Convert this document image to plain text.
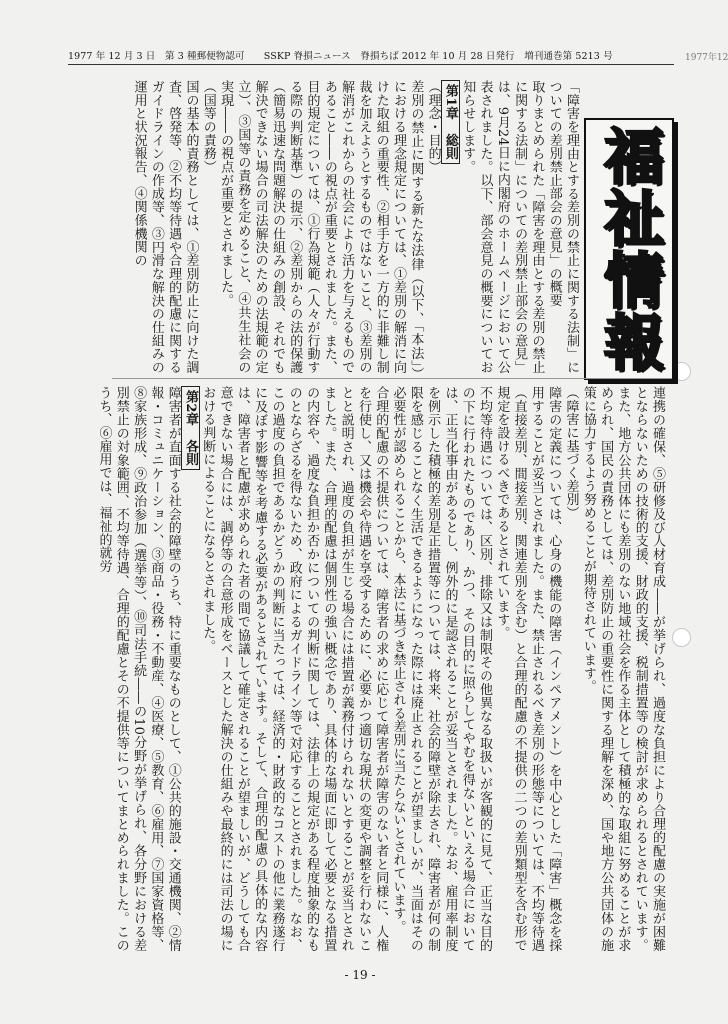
1977 年 12 月 3 日　第 3 種郵便物認可　　SSKP 脊損ニュース　脊損ちば 2012 年 10 月 28 日発行　増刊通巻第 5213 号	1977年12
福祉情報

「障害を理由とする差別の禁止に関する法制」についての差別禁止部会の意見」の概要

取りまとめられた「障害を理由とする差別の禁止に関する法制」についての差別禁止部会の意見」は、9月24日に内閣府のホームページにおいて公表されました。以下、部会意見の概要についてお知らせします。

第1章　総則

（理念・目的）

差別の禁止に関する新たな法律（以下、「本法」）における理念規定については、①差別の解消に向けた取組の重要性、②相手方を一方的に非難し制裁を加えようとするものではないこと、③差別の解消がこれからの社会により活力を与えるものであること――の視点が重要とされました。また、目的規定については、①行為規範（人々が行動する際の判断基準）の提示、②差別からの法的保護（簡易迅速な問題解決の仕組みの創設、それでも解決できない場合の司法解決のための法規範の定立）、③国等の責務を定めること、④共生社会の実現――の視点が重要とされました。

（国等の責務）

国の基本的責務としては、①差別防止に向けた調査、啓発等、②不均等待遇や合理的配慮に関するガイドラインの作成等、③円滑な解決の仕組みの運用と状況報告、④関係機関の

連携の確保、⑤研修及び人材育成――が挙げられ、過度な負担により合理的配慮の実施が困難とならないための技術的支援、財政的支援、税制措置等の検討が求められるとされています。また、地方公共団体にも差別のない地域社会を作る主体として積極的な取組に努めることが求められ、国民の責務としては、差別防止の重要性に関する理解を深め、国や地方公共団体の施策に協力するよう努めることが期待されています。

（障害に基づく差別）

障害の定義については、心身の機能の障害（インペアメント）を中心とした「障害」概念を採用することが妥当とされました。また、禁止されるべき差別の形態等については、不均等待遇（直接差別、間接差別、関連差別を含む）と合理的配慮の不提供の二つの差別類型を含む形で規定を設けるべきであるとされています。

不均等待遇については、区別、排除又は制限その他異なる取扱いが客観的に見て、正当な目的の下に行われたものであり、かつ、その目的に照らしてやむを得ないといえる場合においては、正当化事由があるとし、例外的に是認されることが妥当とされました。なお、雇用率制度を例示した積極的差別是正措置等については、将来、社会的障壁が除去され、障害者が何の制限を感じることなく生活できるようになった際には廃止されることが望ましいが、当面はその必要性が認められることから、本法に基づき禁止される差別に当たらないとされています。

合理的配慮の不提供については、障害者の求めに応じて障害者が障害のない者と同様に、人権を行使し、又は機会や待遇を享受するために、必要かつ適切な現状の変更や調整を行わないことと説明され、過度の負担が生じる場合には措置が義務付けられないとすることが妥当とされました。また、合理的配慮は個別性の強い概念であり、具体的な場面に即して必要となる措置の内容や、過度な負担か否かについての判断に関しては、法律上の規定がある程度抽象的なものとならざるを得ないため、政府によるガイドライン等で対応することとされました。なお、この過度の負担であるかどうかの判断に当たっては、経済的・財政的なコストの他に業務遂行に及ぼす影響等を考慮する必要があるとされています。そして、合理的配慮の具体的な内容は、障害者と配慮が求められた者の間で協議して確定されることが望ましいが、どうしても合意できない場合には、調停等の合意形成をベースとした解決の仕組みや最終的には司法の場における判断によることになるとされました。

第2章　各則

障害者が直面する社会的障壁のうち、特に重要なものとして、①公共的施設・交通機関、②情報・コミュニケーション、③商品・役務・不動産、④医療、⑤教育、⑥雇用、⑦国家資格等、⑧家族形成、⑨政治参加（選挙等）、⑩司法手続――の10分野が挙げられ、各分野における差別禁止の対象範囲、不均等待遇、合理的配慮とその不提供等についてまとめられました。このうち、⑥雇用では、福祉的就労

- 19 -
